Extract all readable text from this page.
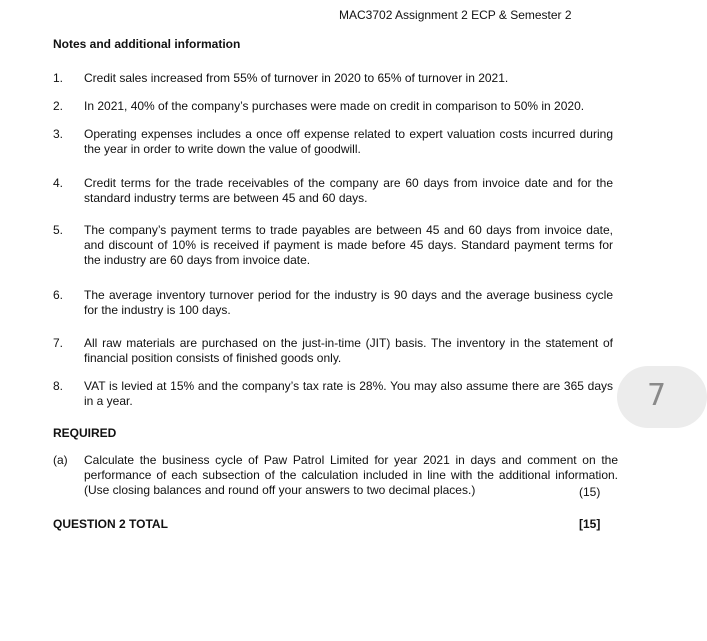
MAC3702 Assignment 2 ECP & Semester 2
Notes and additional information
1. Credit sales increased from 55% of turnover in 2020 to 65% of turnover in 2021.
2. In 2021, 40% of the company’s purchases were made on credit in comparison to 50% in 2020.
3. Operating expenses includes a once off expense related to expert valuation costs incurred during the year in order to write down the value of goodwill.
4. Credit terms for the trade receivables of the company are 60 days from invoice date and for the standard industry terms are between 45 and 60 days.
5. The company’s payment terms to trade payables are between 45 and 60 days from invoice date, and discount of 10% is received if payment is made before 45 days. Standard payment terms for the industry are 60 days from invoice date.
6. The average inventory turnover period for the industry is 90 days and the average business cycle for the industry is 100 days.
7. All raw materials are purchased on the just-in-time (JIT) basis. The inventory in the statement of financial position consists of finished goods only.
8. VAT is levied at 15% and the company’s tax rate is 28%. You may also assume there are 365 days in a year.
REQUIRED
(a) Calculate the business cycle of Paw Patrol Limited for year 2021 in days and comment on the performance of each subsection of the calculation included in line with the additional information. (Use closing balances and round off your answers to two decimal places.)	(15)
QUESTION 2 TOTAL	[15]
7
